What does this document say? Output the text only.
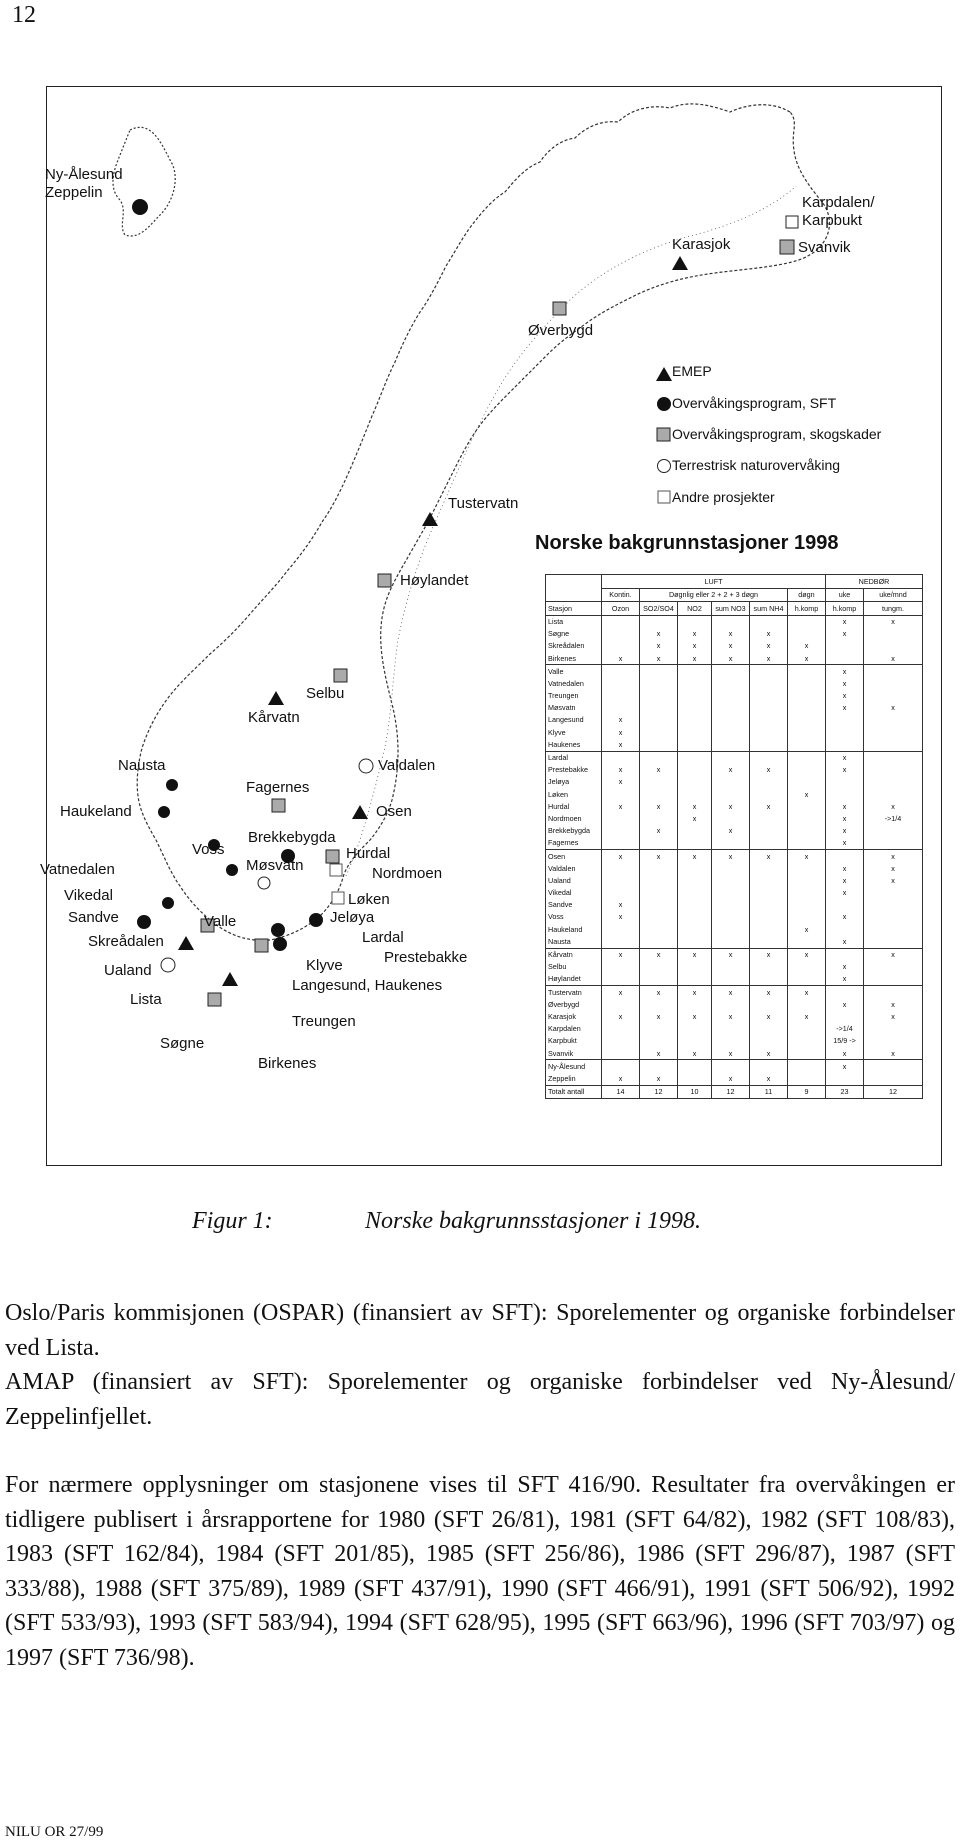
12
Ny-Ålesund
Zeppelin
Karpdalen/
Karpbukt
Karasjok	Svanvik
Øverbygd
Tustervatn
Høylandet
Selbu
Kårvatn
Nausta	Valdalen
Fagernes
Haukeland	Osen
Brekkebygda
Voss	Hurdal
Vatnedalen	Møsvatn	Nordmoen
Vikedal	Løken
Sandve	Valle	Jeløya
Skreådalen	Lardal
Prestebakke
Ualand	Klyve
Langesund, Haukenes
Lista
Treungen
Søgne
Birkenes
EMEP
Overvåkingsprogram, SFT
Overvåkingsprogram, skogskader
Terrestrisk naturovervåking
Andre prosjekter
Norske bakgrunnstasjoner 1998
	LUFT						NEDBØR	
	Kontin.	Døgnlig eller 2 + 2 + 3 døgn				døgn	uke	uke/mnd
Stasjon	Ozon	SO2/SO4	NO2	sum NO3	sum NH4	h.komp	h.komp	tungm.
Lista							x	x
Søgne		x	x	x	x		x	
Skreådalen		x	x	x	x	x		
Birkenes	x	x	x	x	x	x		x
Valle							x	
Vatnedalen							x	
Treungen							x	
Møsvatn							x	x
Langesund	x							
Klyve	x							
Haukenes	x							
Lardal							x	
Prestebakke	x	x		x	x		x	
Jeløya	x							
Løken						x		
Hurdal	x	x	x	x	x		x	x
Nordmoen			x				x	->1/4
Brekkebygda		x		x			x	
Fagernes							x	
Osen	x	x	x	x	x	x		x
Valdalen							x	x
Ualand							x	x
Vikedal							x	
Sandve	x							
Voss	x						x	
Haukeland						x		
Nausta							x	
Kårvatn	x	x	x	x	x	x		x
Selbu							x	
Høylandet							x	
Tustervatn	x	x	x	x	x	x		
Øverbygd							x	x
Karasjok	x	x	x	x	x	x		x
Karpdalen							->1/4	
Karpbukt							15/9 ->	
Svanvik		x	x	x	x		x	x
Ny-Ålesund							x	
Zeppelin	x	x		x	x			
Totalt antall	14	12	10	12	11	9	23	12
Figur 1:	Norske bakgrunnsstasjoner i 1998.
Oslo/Paris kommisjonen (OSPAR) (finansiert av SFT): Sporelementer og organiske forbindelser ved Lista.
AMAP (finansiert av SFT): Sporelementer og organiske forbindelser ved Ny-Ålesund/ Zeppelinfjellet.
For nærmere opplysninger om stasjonene vises til SFT 416/90. Resultater fra overvåkingen er tidligere publisert i årsrapportene for 1980 (SFT 26/81), 1981 (SFT 64/82), 1982 (SFT 108/83), 1983 (SFT 162/84), 1984 (SFT 201/85), 1985 (SFT 256/86), 1986 (SFT 296/87), 1987 (SFT 333/88), 1988 (SFT 375/89), 1989 (SFT 437/91), 1990 (SFT 466/91), 1991 (SFT 506/92), 1992 (SFT 533/93), 1993 (SFT 583/94), 1994 (SFT 628/95), 1995 (SFT 663/96), 1996 (SFT 703/97) og 1997 (SFT 736/98).
NILU OR 27/99
